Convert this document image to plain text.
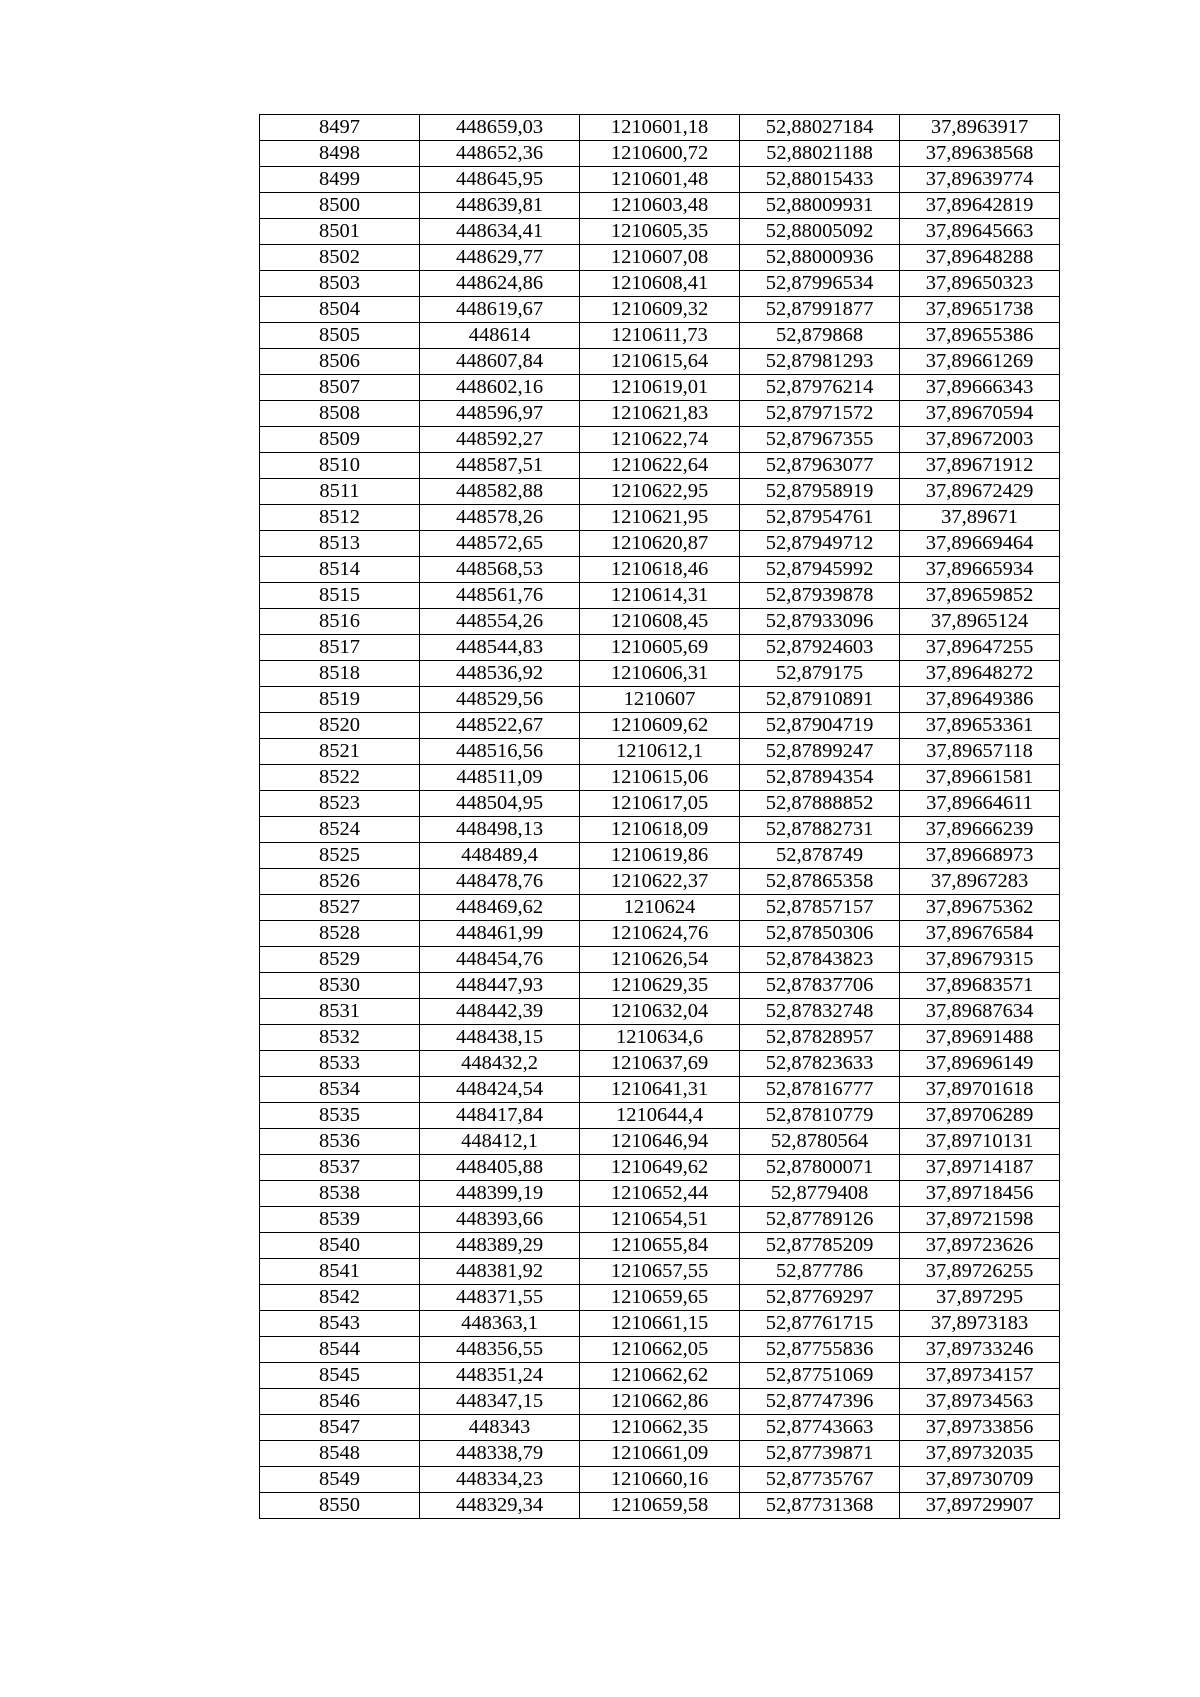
8497	448659,03	1210601,18	52,88027184	37,8963917
8498	448652,36	1210600,72	52,88021188	37,89638568
8499	448645,95	1210601,48	52,88015433	37,89639774
8500	448639,81	1210603,48	52,88009931	37,89642819
8501	448634,41	1210605,35	52,88005092	37,89645663
8502	448629,77	1210607,08	52,88000936	37,89648288
8503	448624,86	1210608,41	52,87996534	37,89650323
8504	448619,67	1210609,32	52,87991877	37,89651738
8505	448614	1210611,73	52,879868	37,89655386
8506	448607,84	1210615,64	52,87981293	37,89661269
8507	448602,16	1210619,01	52,87976214	37,89666343
8508	448596,97	1210621,83	52,87971572	37,89670594
8509	448592,27	1210622,74	52,87967355	37,89672003
8510	448587,51	1210622,64	52,87963077	37,89671912
8511	448582,88	1210622,95	52,87958919	37,89672429
8512	448578,26	1210621,95	52,87954761	37,89671
8513	448572,65	1210620,87	52,87949712	37,89669464
8514	448568,53	1210618,46	52,87945992	37,89665934
8515	448561,76	1210614,31	52,87939878	37,89659852
8516	448554,26	1210608,45	52,87933096	37,8965124
8517	448544,83	1210605,69	52,87924603	37,89647255
8518	448536,92	1210606,31	52,879175	37,89648272
8519	448529,56	1210607	52,87910891	37,89649386
8520	448522,67	1210609,62	52,87904719	37,89653361
8521	448516,56	1210612,1	52,87899247	37,89657118
8522	448511,09	1210615,06	52,87894354	37,89661581
8523	448504,95	1210617,05	52,87888852	37,89664611
8524	448498,13	1210618,09	52,87882731	37,89666239
8525	448489,4	1210619,86	52,878749	37,89668973
8526	448478,76	1210622,37	52,87865358	37,8967283
8527	448469,62	1210624	52,87857157	37,89675362
8528	448461,99	1210624,76	52,87850306	37,89676584
8529	448454,76	1210626,54	52,87843823	37,89679315
8530	448447,93	1210629,35	52,87837706	37,89683571
8531	448442,39	1210632,04	52,87832748	37,89687634
8532	448438,15	1210634,6	52,87828957	37,89691488
8533	448432,2	1210637,69	52,87823633	37,89696149
8534	448424,54	1210641,31	52,87816777	37,89701618
8535	448417,84	1210644,4	52,87810779	37,89706289
8536	448412,1	1210646,94	52,8780564	37,89710131
8537	448405,88	1210649,62	52,87800071	37,89714187
8538	448399,19	1210652,44	52,8779408	37,89718456
8539	448393,66	1210654,51	52,87789126	37,89721598
8540	448389,29	1210655,84	52,87785209	37,89723626
8541	448381,92	1210657,55	52,877786	37,89726255
8542	448371,55	1210659,65	52,87769297	37,897295
8543	448363,1	1210661,15	52,87761715	37,8973183
8544	448356,55	1210662,05	52,87755836	37,89733246
8545	448351,24	1210662,62	52,87751069	37,89734157
8546	448347,15	1210662,86	52,87747396	37,89734563
8547	448343	1210662,35	52,87743663	37,89733856
8548	448338,79	1210661,09	52,87739871	37,89732035
8549	448334,23	1210660,16	52,87735767	37,89730709
8550	448329,34	1210659,58	52,87731368	37,89729907
